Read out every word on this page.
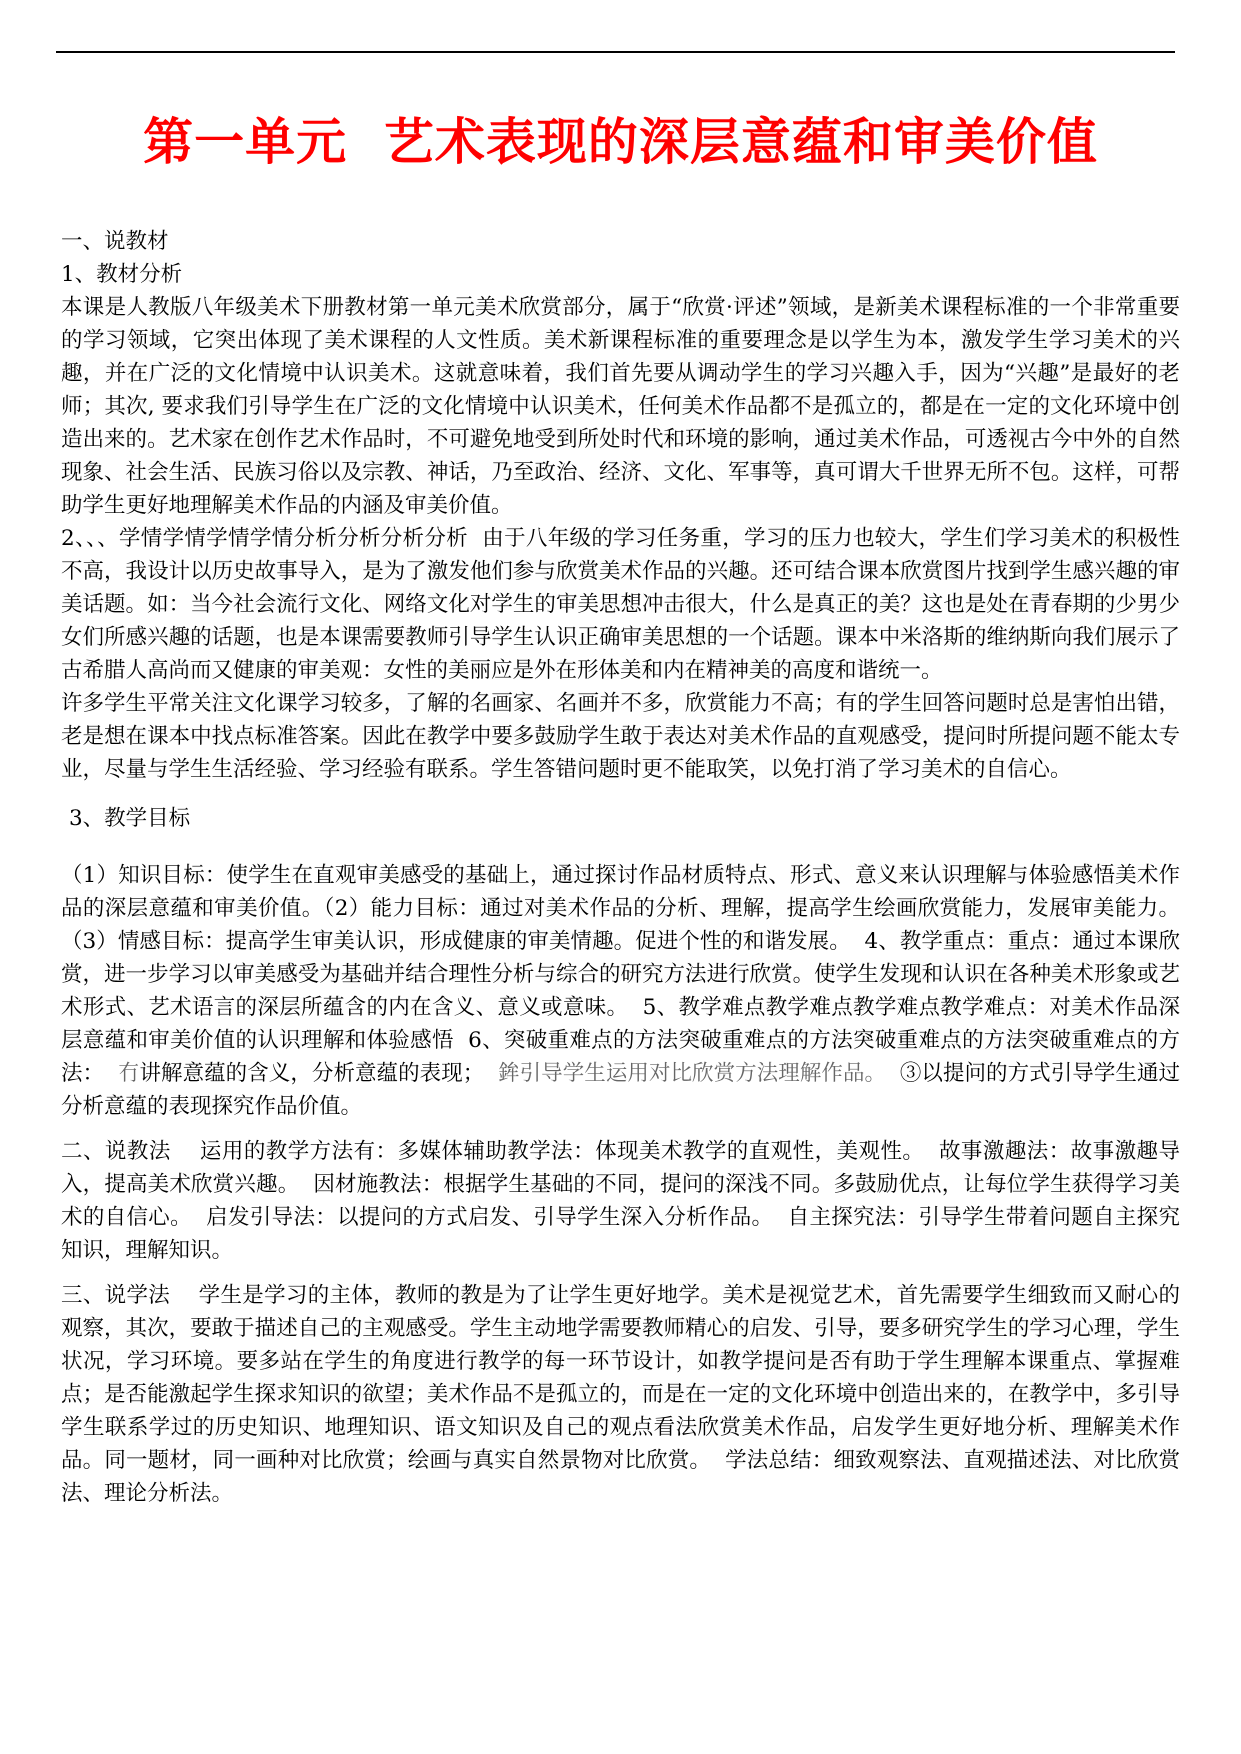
第一单元  艺术表现的深层意蕴和审美价值

一、说教材

1、教材分析

本课是人教版八年级美术下册教材第一单元美术欣赏部分，属于“欣赏·评述”领域，是新美术课程标准的一个非常重要的学习领域，它突出体现了美术课程的人文性质。美术新课程标准的重要理念是以学生为本，激发学生学习美术的兴趣，并在广泛的文化情境中认识美术。这就意味着，我们首先要从调动学生的学习兴趣入手，因为“兴趣”是最好的老师；其次, 要求我们引导学生在广泛的文化情境中认识美术，任何美术作品都不是孤立的，都是在一定的文化环境中创造出来的。艺术家在创作艺术作品时，不可避免地受到所处时代和环境的影响，通过美术作品，可透视古今中外的自然现象、社会生活、民族习俗以及宗教、神话，乃至政治、经济、文化、军事等，真可谓大千世界无所不包。这样，可帮助学生更好地理解美术作品的内涵及审美价值。

2、、、学情学情学情学情分析分析分析分析  由于八年级的学习任务重，学习的压力也较大，学生们学习美术的积极性不高，我设计以历史故事导入，是为了激发他们参与欣赏美术作品的兴趣。还可结合课本欣赏图片找到学生感兴趣的审美话题。如：当今社会流行文化、网络文化对学生的审美思想冲击很大，什么是真正的美？这也是处在青春期的少男少女们所感兴趣的话题，也是本课需要教师引导学生认识正确审美思想的一个话题。课本中米洛斯的维纳斯向我们展示了古希腊人高尚而又健康的审美观：女性的美丽应是外在形体美和内在精神美的高度和谐统一。

许多学生平常关注文化课学习较多，了解的名画家、名画并不多，欣赏能力不高；有的学生回答问题时总是害怕出错，老是想在课本中找点标准答案。因此在教学中要多鼓励学生敢于表达对美术作品的直观感受，提问时所提问题不能太专业，尽量与学生生活经验、学习经验有联系。学生答错问题时更不能取笑，以免打消了学习美术的自信心。

3、教学目标

（1）知识目标：使学生在直观审美感受的基础上，通过探讨作品材质特点、形式、意义来认识理解与体验感悟美术作品的深层意蕴和审美价值。（2）能力目标：通过对美术作品的分析、理解，提高学生绘画欣赏能力，发展审美能力。  （3）情感目标：提高学生审美认识，形成健康的审美情趣。促进个性的和谐发展。  4、教学重点：重点：通过本课欣赏，进一步学习以审美感受为基础并结合理性分析与综合的研究方法进行欣赏。使学生发现和认识在各种美术形象或艺术形式、艺术语言的深层所蕴含的内在含义、意义或意味。  5、教学难点教学难点教学难点教学难点：对美术作品深层意蕴和审美价值的认识理解和体验感悟  6、突破重难点的方法突破重难点的方法突破重难点的方法突破重难点的方法：  冇讲解意蕴的含义，分析意蕴的表现；  鉾引导学生运用对比欣赏方法理解作品。  ③以提问的方式引导学生通过分析意蕴的表现探究作品价值。

二、说教法    运用的教学方法有：多媒体辅助教学法：体现美术教学的直观性，美观性。  故事激趣法：故事激趣导入，提高美术欣赏兴趣。  因材施教法：根据学生基础的不同，提问的深浅不同。多鼓励优点，让每位学生获得学习美术的自信心。  启发引导法：以提问的方式启发、引导学生深入分析作品。  自主探究法：引导学生带着问题自主探究知识，理解知识。

三、说学法    学生是学习的主体，教师的教是为了让学生更好地学。美术是视觉艺术，首先需要学生细致而又耐心的观察，其次，要敢于描述自己的主观感受。学生主动地学需要教师精心的启发、引导，要多研究学生的学习心理，学生状况，学习环境。要多站在学生的角度进行教学的每一环节设计，如教学提问是否有助于学生理解本课重点、掌握难点；是否能激起学生探求知识的欲望；美术作品不是孤立的，而是在一定的文化环境中创造出来的，在教学中，多引导学生联系学过的历史知识、地理知识、语文知识及自己的观点看法欣赏美术作品，启发学生更好地分析、理解美术作品。同一题材，同一画种对比欣赏；绘画与真实自然景物对比欣赏。  学法总结：细致观察法、直观描述法、对比欣赏法、理论分析法。
